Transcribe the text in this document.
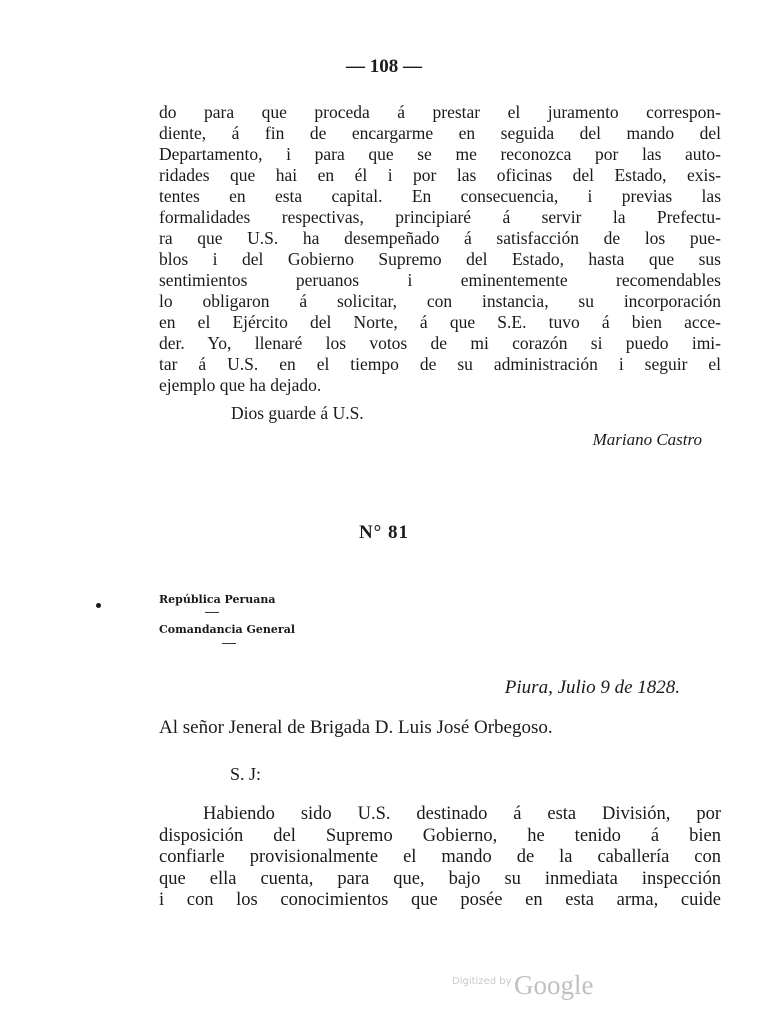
— 108 —
do para que proceda á prestar el juramento correspon-
diente, á fin de encargarme en seguida del mando del
Departamento, i para que se me reconozca por las auto-
ridades que hai en él i por las oficinas del Estado, exis-
tentes en esta capital. En consecuencia, i previas las
formalidades respectivas, principiaré á servir la Prefectu-
ra que U.S. ha desempeñado á satisfacción de los pue-
blos i del Gobierno Supremo del Estado, hasta que sus
sentimientos peruanos i eminentemente recomendables
lo obligaron á solicitar, con instancia, su incorporación
en el Ejército del Norte, á que S.E. tuvo á bien acce-
der. Yo, llenaré los votos de mi corazón si puedo imi-
tar á U.S. en el tiempo de su administración i seguir el
ejemplo que ha dejado.
Dios guarde á U.S.
Mariano Castro
N° 81
República Peruana
Comandancia General
Piura, Julio 9 de 1828.
Al señor Jeneral de Brigada D. Luis José Orbegoso.
S. J:
Habiendo sido U.S. destinado á esta División, por
disposición del Supremo Gobierno, he tenido á bien
confiarle provisionalmente el mando de la caballería con
que ella cuenta, para que, bajo su inmediata inspección
i con los conocimientos que posée en esta arma, cuide
Digitized by Google
